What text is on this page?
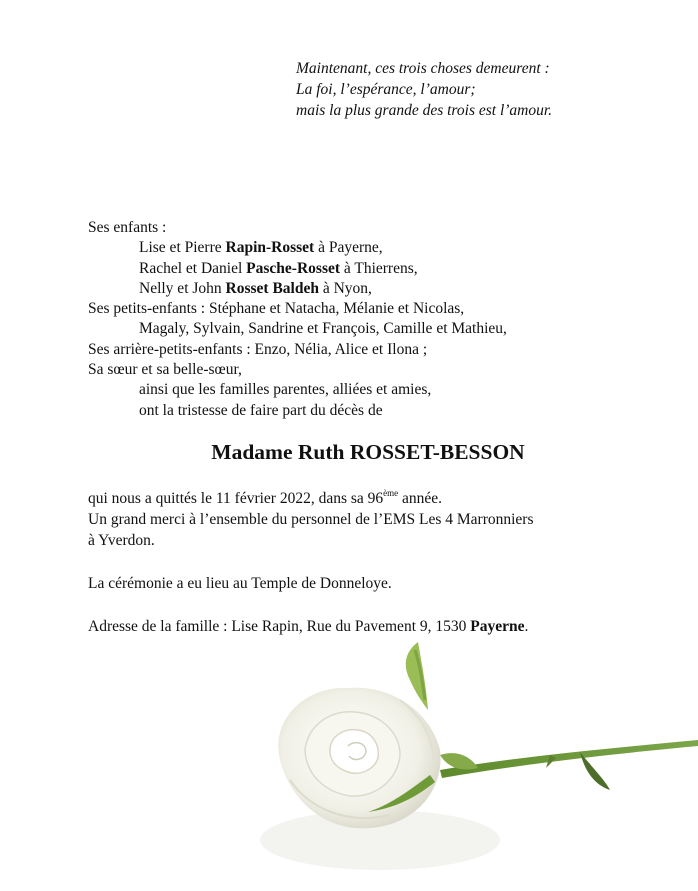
Maintenant, ces trois choses demeurent :
La foi, l’espérance, l’amour;
mais la plus grande des trois est l’amour.
Ses enfants :
Lise et Pierre Rapin-Rosset à Payerne,
Rachel et Daniel Pasche-Rosset à Thierrens,
Nelly et John Rosset Baldeh à Nyon,
Ses petits-enfants : Stéphane et Natacha, Mélanie et Nicolas,
Magaly, Sylvain, Sandrine et François, Camille et Mathieu,
Ses arrière-petits-enfants : Enzo, Nélia, Alice et Ilona ;
Sa sœur et sa belle-sœur,
ainsi que les familles parentes, alliées et amies,
ont la tristesse de faire part du décès de
Madame Ruth ROSSET-BESSON
qui nous a quittés le 11 février 2022, dans sa 96ème année.
Un grand merci à l’ensemble du personnel de l’EMS Les 4 Marronniers
à Yverdon.
La cérémonie a eu lieu au Temple de Donneloye.
Adresse de la famille : Lise Rapin, Rue du Pavement 9, 1530 Payerne.
